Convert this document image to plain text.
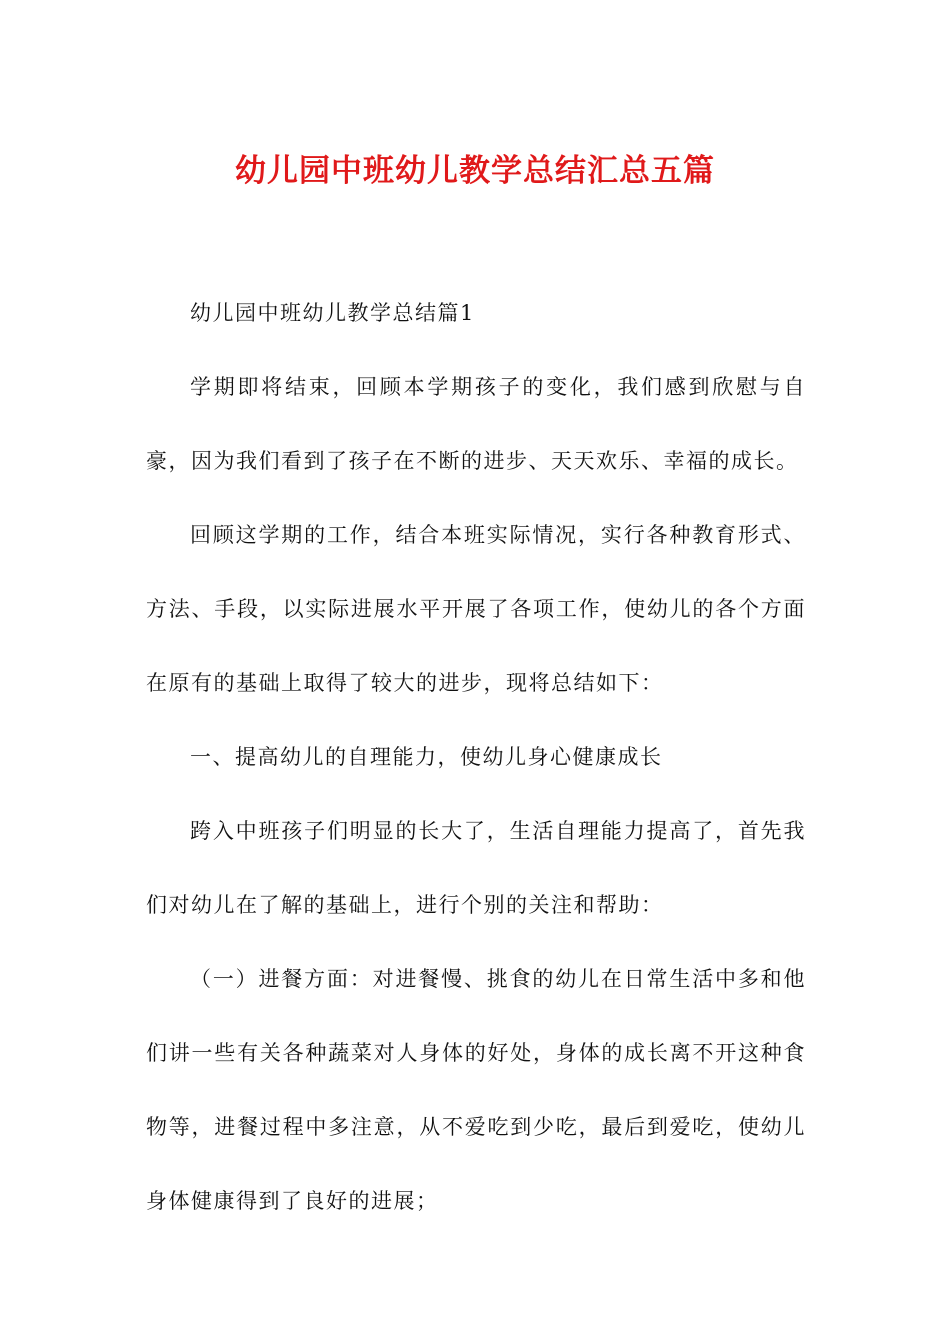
幼儿园中班幼儿教学总结汇总五篇

幼儿园中班幼儿教学总结篇1

学期即将结束，回顾本学期孩子的变化，我们感到欣慰与自豪，因为我们看到了孩子在不断的进步、天天欢乐、幸福的成长。

回顾这学期的工作，结合本班实际情况，实行各种教育形式、方法、手段，以实际进展水平开展了各项工作，使幼儿的各个方面在原有的基础上取得了较大的进步，现将总结如下：

一、提高幼儿的自理能力，使幼儿身心健康成长

跨入中班孩子们明显的长大了，生活自理能力提高了，首先我们对幼儿在了解的基础上，进行个别的关注和帮助：

（一）进餐方面：对进餐慢、挑食的幼儿在日常生活中多和他们讲一些有关各种蔬菜对人身体的好处，身体的成长离不开这种食物等，进餐过程中多注意，从不爱吃到少吃，最后到爱吃，使幼儿身体健康得到了良好的进展；
